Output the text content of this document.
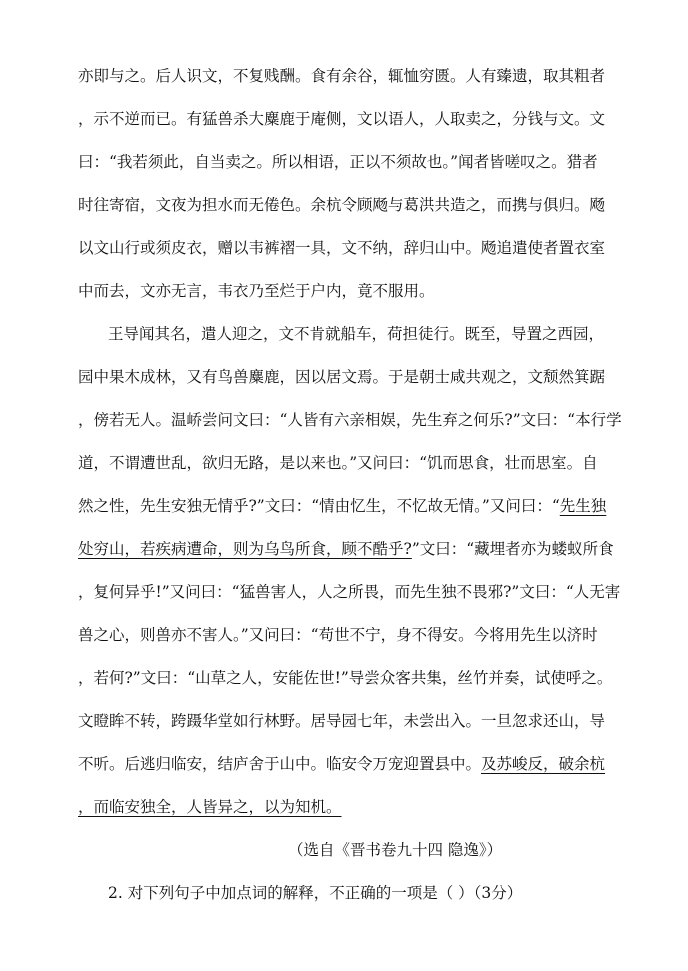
亦即与之。后人识文，不复贱酬。食有余谷，辄恤穷匮。人有臻遗，取其粗者
，示不逆而已。有猛兽杀大麋鹿于庵侧，文以语人，人取卖之，分钱与文。文
曰：“我若须此，自当卖之。所以相语，正以不须故也。”闻者皆嗟叹之。猎者
时往寄宿，文夜为担水而无倦色。余杭令顾飏与葛洪共造之，而携与俱归。飏
以文山行或须皮衣，赠以韦裤褶一具，文不纳，辞归山中。飏追遣使者置衣室
中而去，文亦无言，韦衣乃至烂于户内，竟不服用。
王导闻其名，遣人迎之，文不肯就船车，荷担徒行。既至，导置之西园，
园中果木成林，又有鸟兽麋鹿，因以居文焉。于是朝士咸共观之，文颓然箕踞
，傍若无人。温峤尝问文曰：“人皆有六亲相娱，先生弃之何乐?”文曰：“本行学
道，不谓遭世乱，欲归无路，是以来也。”又问曰：“饥而思食，壮而思室。自
然之性，先生安独无情乎?”文曰：“情由忆生，不忆故无情。”又问曰：“先生独
处穷山，若疾病遭命，则为乌鸟所食，顾不酷乎?”文曰：“藏埋者亦为蝼蚁所食
，复何异乎!”又问曰：“猛兽害人，人之所畏，而先生独不畏邪?”文曰：“人无害
兽之心，则兽亦不害人。”又问曰：“苟世不宁，身不得安。今将用先生以济时
，若何?”文曰：“山草之人，安能佐世!”导尝众客共集，丝竹并奏，试使呼之。
文瞪眸不转，跨蹑华堂如行林野。居导园七年，未尝出入。一旦忽求还山，导
不听。后逃归临安，结庐舍于山中。临安令万宠迎置县中。及苏峻反，破余杭
，而临安独全，人皆异之，以为知机。
（选自《晋书卷九十四 隐逸》）
2. 对下列句子中加点词的解释，不正确的一项是（ ）（3分）
